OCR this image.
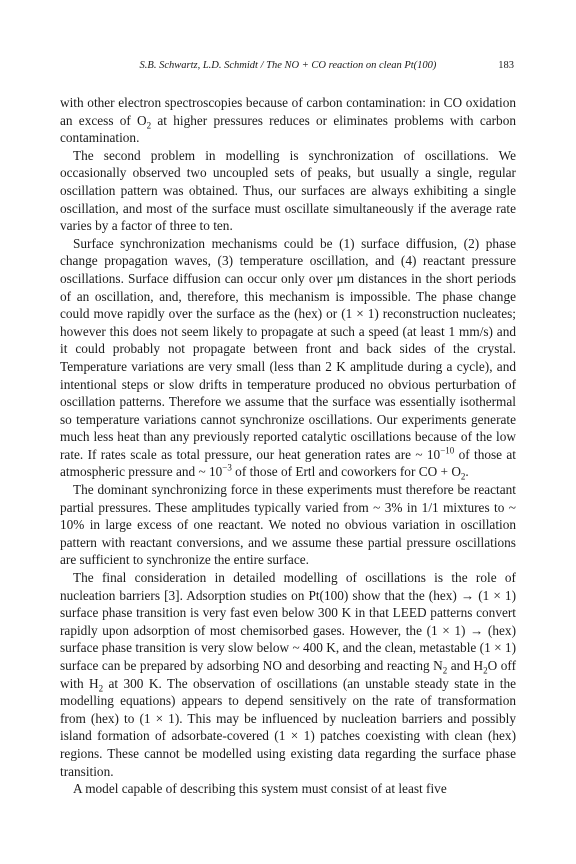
S.B. Schwartz, L.D. Schmidt / The NO + CO reaction on clean Pt(100)	183

with other electron spectroscopies because of carbon contamination: in CO oxidation an excess of $O_2$ at higher pressures reduces or eliminates problems with carbon contamination.

The second problem in modelling is synchronization of oscillations. We occasionally observed two uncoupled sets of peaks, but usually a single, regular oscillation pattern was obtained. Thus, our surfaces are always exhibiting a single oscillation, and most of the surface must oscillate simultaneously if the average rate varies by a factor of three to ten.

Surface synchronization mechanisms could be (1) surface diffusion, (2) phase change propagation waves, (3) temperature oscillation, and (4) reactant pressure oscillations. Surface diffusion can occur only over μm distances in the short periods of an oscillation, and, therefore, this mechanism is impossible. The phase change could move rapidly over the surface as the (hex) or (1 × 1) reconstruction nucleates; however this does not seem likely to propagate at such a speed (at least 1 mm/s) and it could probably not propagate between front and back sides of the crystal. Temperature variations are very small (less than 2 K amplitude during a cycle), and intentional steps or slow drifts in temperature produced no obvious perturbation of oscillation patterns. Therefore we assume that the surface was essentially isothermal so temperature variations cannot synchronize oscillations. Our experiments generate much less heat than any previously reported catalytic oscillations because of the low rate. If rates scale as total pressure, our heat generation rates are ~ $10^{-10}$ of those at atmospheric pressure and ~ $10^{-3}$ of those of Ertl and coworkers for CO + $O_2$.

The dominant synchronizing force in these experiments must therefore be reactant partial pressures. These amplitudes typically varied from ~ 3% in 1/1 mixtures to ~ 10% in large excess of one reactant. We noted no obvious variation in oscillation pattern with reactant conversions, and we assume these partial pressure oscillations are sufficient to synchronize the entire surface.

The final consideration in detailed modelling of oscillations is the role of nucleation barriers [3]. Adsorption studies on Pt(100) show that the (hex) → (1 × 1) surface phase transition is very fast even below 300 K in that LEED patterns convert rapidly upon adsorption of most chemisorbed gases. However, the (1 × 1) → (hex) surface phase transition is very slow below ~ 400 K, and the clean, metastable (1 × 1) surface can be prepared by adsorbing NO and desorbing and reacting $N_2$ and $H_2O$ off with $H_2$ at 300 K. The observation of oscillations (an unstable steady state in the modelling equations) appears to depend sensitively on the rate of transformation from (hex) to (1 × 1). This may be influenced by nucleation barriers and possibly island formation of adsorbate-covered (1 × 1) patches coexisting with clean (hex) regions. These cannot be modelled using existing data regarding the surface phase transition.

A model capable of describing this system must consist of at least five
